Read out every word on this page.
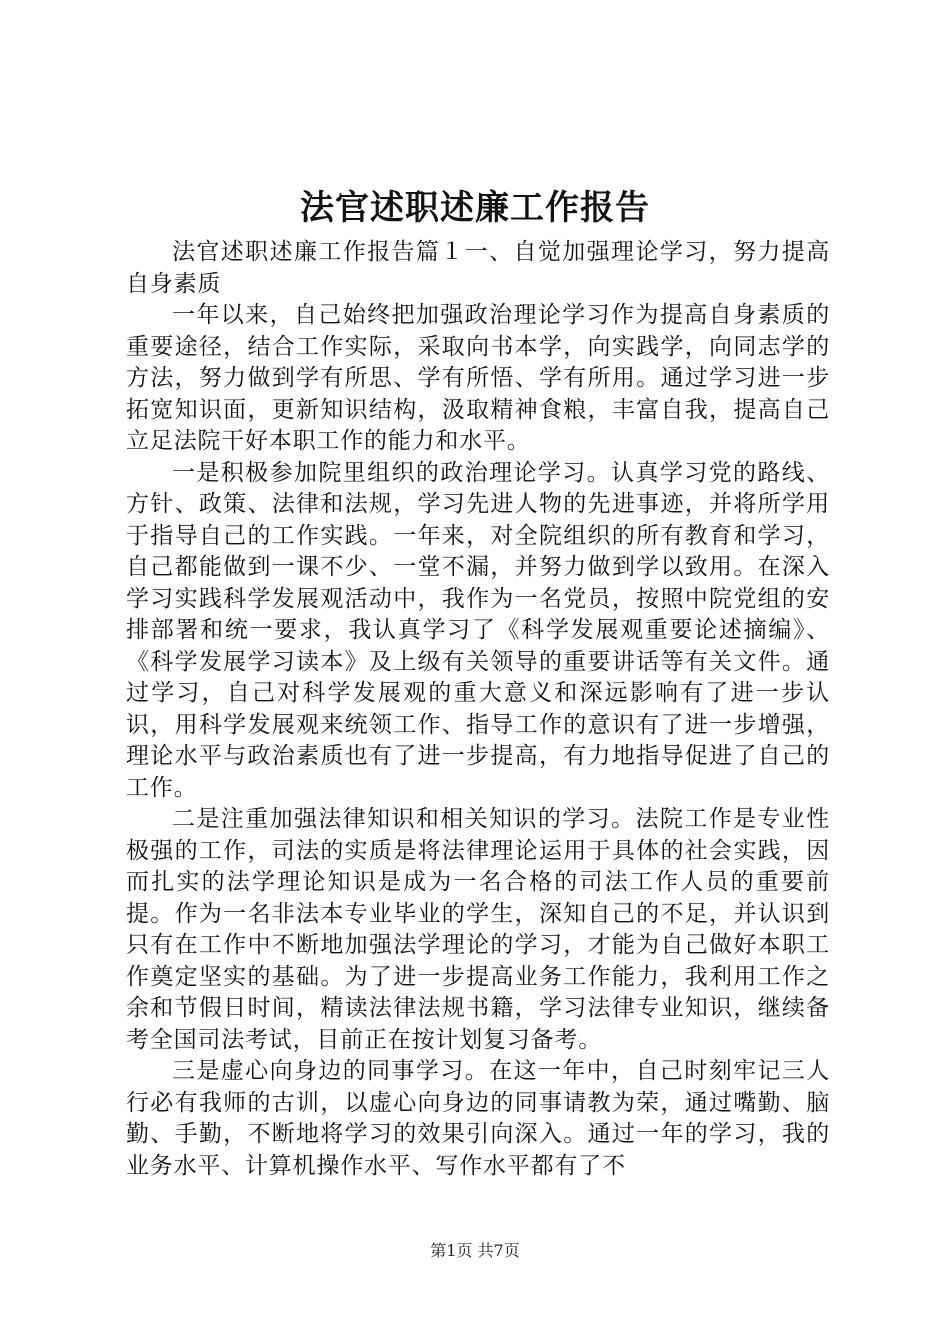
法官述职述廉工作报告

法官述职述廉工作报告篇１一、自觉加强理论学习，努力提高自身素质

一年以来，自己始终把加强政治理论学习作为提高自身素质的重要途径，结合工作实际，采取向书本学，向实践学，向同志学的方法，努力做到学有所思、学有所悟、学有所用。通过学习进一步拓宽知识面，更新知识结构，汲取精神食粮，丰富自我，提高自己立足法院干好本职工作的能力和水平。

一是积极参加院里组织的政治理论学习。认真学习党的路线、方针、政策、法律和法规，学习先进人物的先进事迹，并将所学用于指导自己的工作实践。一年来，对全院组织的所有教育和学习，自己都能做到一课不少、一堂不漏，并努力做到学以致用。在深入学习实践科学发展观活动中，我作为一名党员，按照中院党组的安排部署和统一要求，我认真学习了《科学发展观重要论述摘编》、《科学发展学习读本》及上级有关领导的重要讲话等有关文件。通过学习，自己对科学发展观的重大意义和深远影响有了进一步认识，用科学发展观来统领工作、指导工作的意识有了进一步增强，理论水平与政治素质也有了进一步提高，有力地指导促进了自己的工作。

二是注重加强法律知识和相关知识的学习。法院工作是专业性极强的工作，司法的实质是将法律理论运用于具体的社会实践，因而扎实的法学理论知识是成为一名合格的司法工作人员的重要前提。作为一名非法本专业毕业的学生，深知自己的不足，并认识到只有在工作中不断地加强法学理论的学习，才能为自己做好本职工作奠定坚实的基础。为了进一步提高业务工作能力，我利用工作之余和节假日时间，精读法律法规书籍，学习法律专业知识，继续备考全国司法考试，目前正在按计划复习备考。

三是虚心向身边的同事学习。在这一年中，自己时刻牢记三人行必有我师的古训，以虚心向身边的同事请教为荣，通过嘴勤、脑勤、手勤，不断地将学习的效果引向深入。通过一年的学习，我的业务水平、计算机操作水平、写作水平都有了不

第1页 共7页
